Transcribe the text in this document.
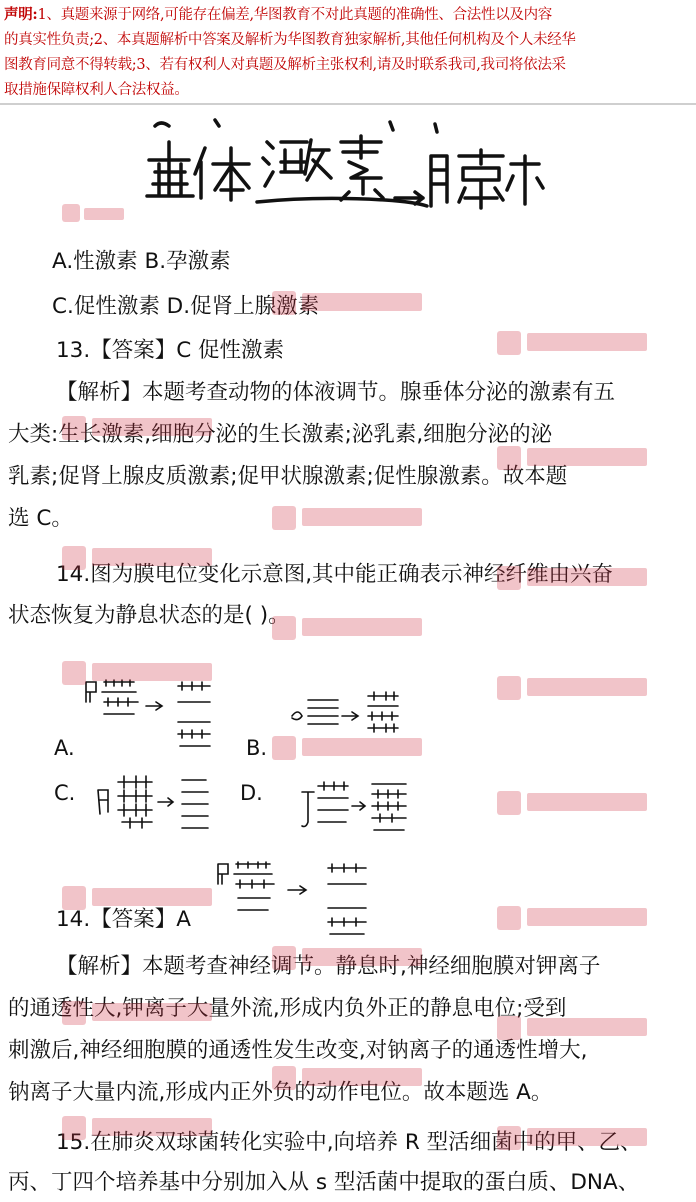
声明:1、真题来源于网络,可能存在偏差,华图教育不对此真题的准确性、合法性以及内容
的真实性负责;2、本真题解析中答案及解析为华图教育独家解析,其他任何机构及个人未经华
图教育同意不得转载;3、若有权利人对真题及解析主张权利,请及时联系我司,我司将依法采
取措施保障权利人合法权益。
A.性激素 B.孕激素
C.促性激素 D.促肾上腺激素
13.【答案】C 促性激素
【解析】本题考查动物的体液调节。腺垂体分泌的激素有五
大类:生长激素,细胞分泌的生长激素;泌乳素,细胞分泌的泌
乳素;促肾上腺皮质激素;促甲状腺激素;促性腺激素。故本题
选 C。
14.图为膜电位变化示意图,其中能正确表示神经纤维由兴奋
状态恢复为静息状态的是( )。
A.	B.
C.	D.
14.【答案】A
【解析】本题考查神经调节。静息时,神经细胞膜对钾离子
的通透性大,钾离子大量外流,形成内负外正的静息电位;受到
刺激后,神经细胞膜的通透性发生改变,对钠离子的通透性增大,
钠离子大量内流,形成内正外负的动作电位。故本题选 A。
15.在肺炎双球菌转化实验中,向培养 R 型活细菌中的甲、乙、
丙、丁四个培养基中分别加入从 s 型活菌中提取的蛋白质、DNA、
